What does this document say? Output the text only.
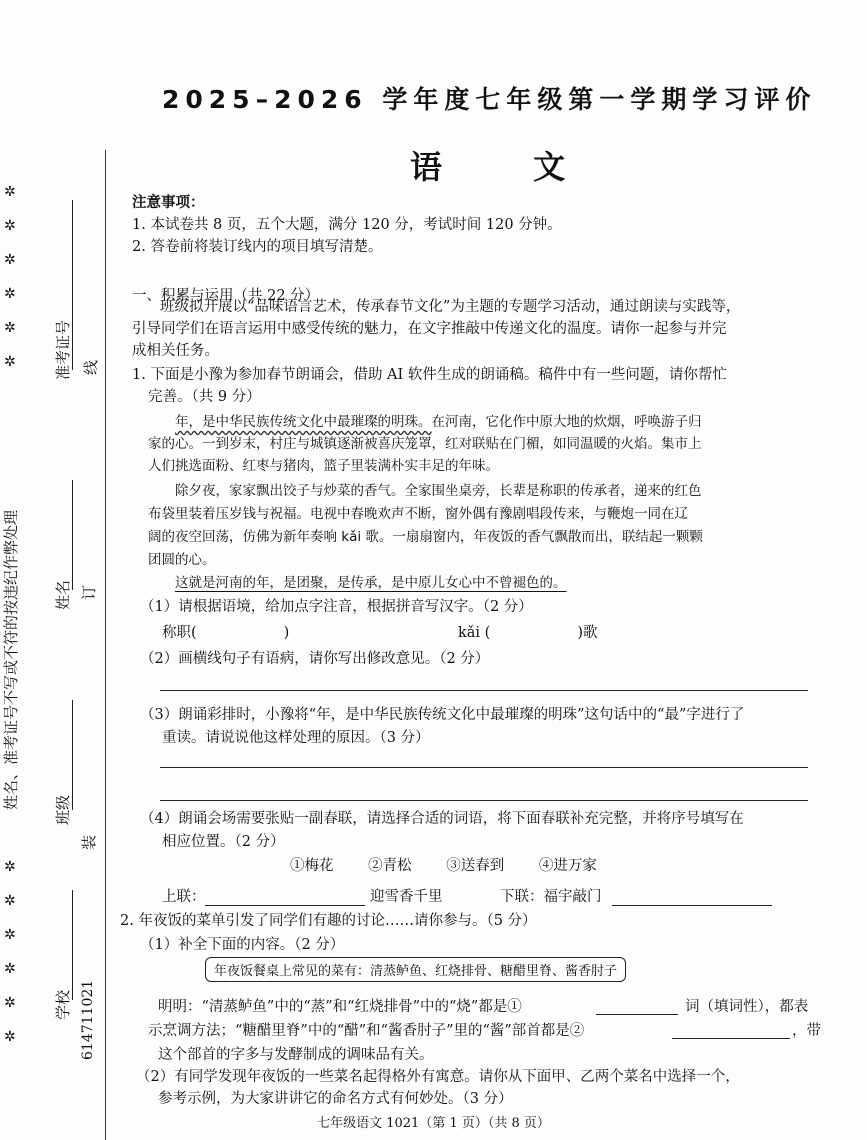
✲
✲
✲
✲
✲
✲
✲
✲
✲
✲
✲
✲
姓名、准考证号不写或不符的按违纪作弊处理
学校
班级
姓名
准考证号
614711021
装
订
线
2025–2026 学年度七年级第一学期学习评价
语 文
注意事项：
1. 本试卷共 8 页，五个大题，满分 120 分，考试时间 120 分钟。
2. 答卷前将装订线内的项目填写清楚。
一、积累与运用（共 22 分）
班级拟开展以“品味语言艺术，传承春节文化”为主题的专题学习活动，通过朗读与实践等，
引导同学们在语言运用中感受传统的魅力，在文字推敲中传递文化的温度。请你一起参与并完
成相关任务。
1. 下面是小豫为参加春节朗诵会，借助 AI 软件生成的朗诵稿。稿件中有一些问题，请你帮忙
完善。（共 9 分）
年，是中华民族传统文化中最璀璨的明珠。在河南，它化作中原大地的炊烟，呼唤游子归
家的心。一到岁末，村庄与城镇逐渐被喜庆笼罩，红对联贴在门楣，如同温暖的火焰。集市上
人们挑选面粉、红枣与猪肉，篮子里装满朴实丰足的年味。
除夕夜，家家飘出饺子与炒菜的香气。全家围坐桌旁，长辈是称职的传承者，递来的红色
布袋里装着压岁钱与祝福。电视中春晚欢声不断，窗外偶有豫剧唱段传来，与鞭炮一同在辽
阔的夜空回荡，仿佛为新年奏响 kǎi 歌。一扇扇窗内，年夜饭的香气飘散而出，联结起一颗颗
团圆的心。
这就是河南的年，是团聚，是传承，是中原儿女心中不曾褪色的。
（1）请根据语境，给加点字注音，根据拼音写汉字。（2 分）
称职(　　　　　　)	kǎi (　　　　　　)歌
（2）画横线句子有语病，请你写出修改意见。（2 分）
（3）朗诵彩排时，小豫将“年，是中华民族传统文化中最璀璨的明珠”这句话中的“最”字进行了
重读。请说说他这样处理的原因。（3 分）
（4）朗诵会场需要张贴一副春联，请选择合适的词语，将下面春联补充完整，并将序号填写在
相应位置。（2 分）
①梅花 ②青松 ③送春到 ④进万家
上联：	迎雪香千里	下联：福宇敲门
2. 年夜饭的菜单引发了同学们有趣的讨论……请你参与。（5 分）
（1）补全下面的内容。（2 分）
年夜饭餐桌上常见的菜有：清蒸鲈鱼、红烧排骨、糖醋里脊、酱香肘子
明明：“清蒸鲈鱼”中的“蒸”和“红烧排骨”中的“烧”都是①	词（填词性），都表
示烹调方法；“糖醋里脊”中的“醋”和“酱香肘子”里的“酱”部首都是②	，带
这个部首的字多与发酵制成的调味品有关。
（2）有同学发现年夜饭的一些菜名起得格外有寓意。请你从下面甲、乙两个菜名中选择一个，
参考示例，为大家讲讲它的命名方式有何妙处。（3 分）
七年级语文 1021（第 1 页）（共 8 页）
